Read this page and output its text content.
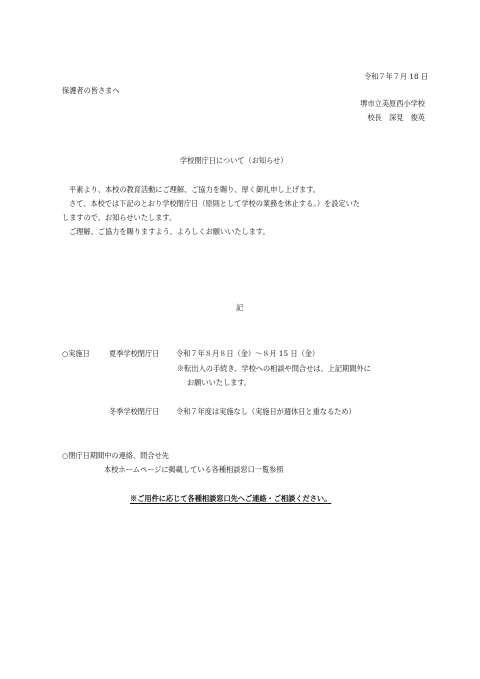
令和７年７月 18 日

保護者の皆さまへ

堺市立美原西小学校

校長　深見　俊英

学校閉庁日について（お知らせ）

平素より、本校の教育活動にご理解、ご協力を賜り、厚く御礼申し上げます。

さて、本校では下記のとおり学校閉庁日（原則として学校の業務を休止する。）を設定いた

しますので、お知らせいたします。

ご理解、ご協力を賜りますよう、よろしくお願いいたします。

記

○実施日	夏季学校閉庁日 令和７年８月８日（金）～８月 15 日（金）

※転出入の手続き、学校への相談や問合せは、上記期間外に

お願いいたします。

冬季学校閉庁日 令和７年度は実施なし（実施日が週休日と重なるため）

○閉庁日期間中の連絡、問合せ先

本校ホームページに掲載している各種相談窓口一覧参照

※ご用件に応じて各種相談窓口先へご連絡・ご相談ください。
